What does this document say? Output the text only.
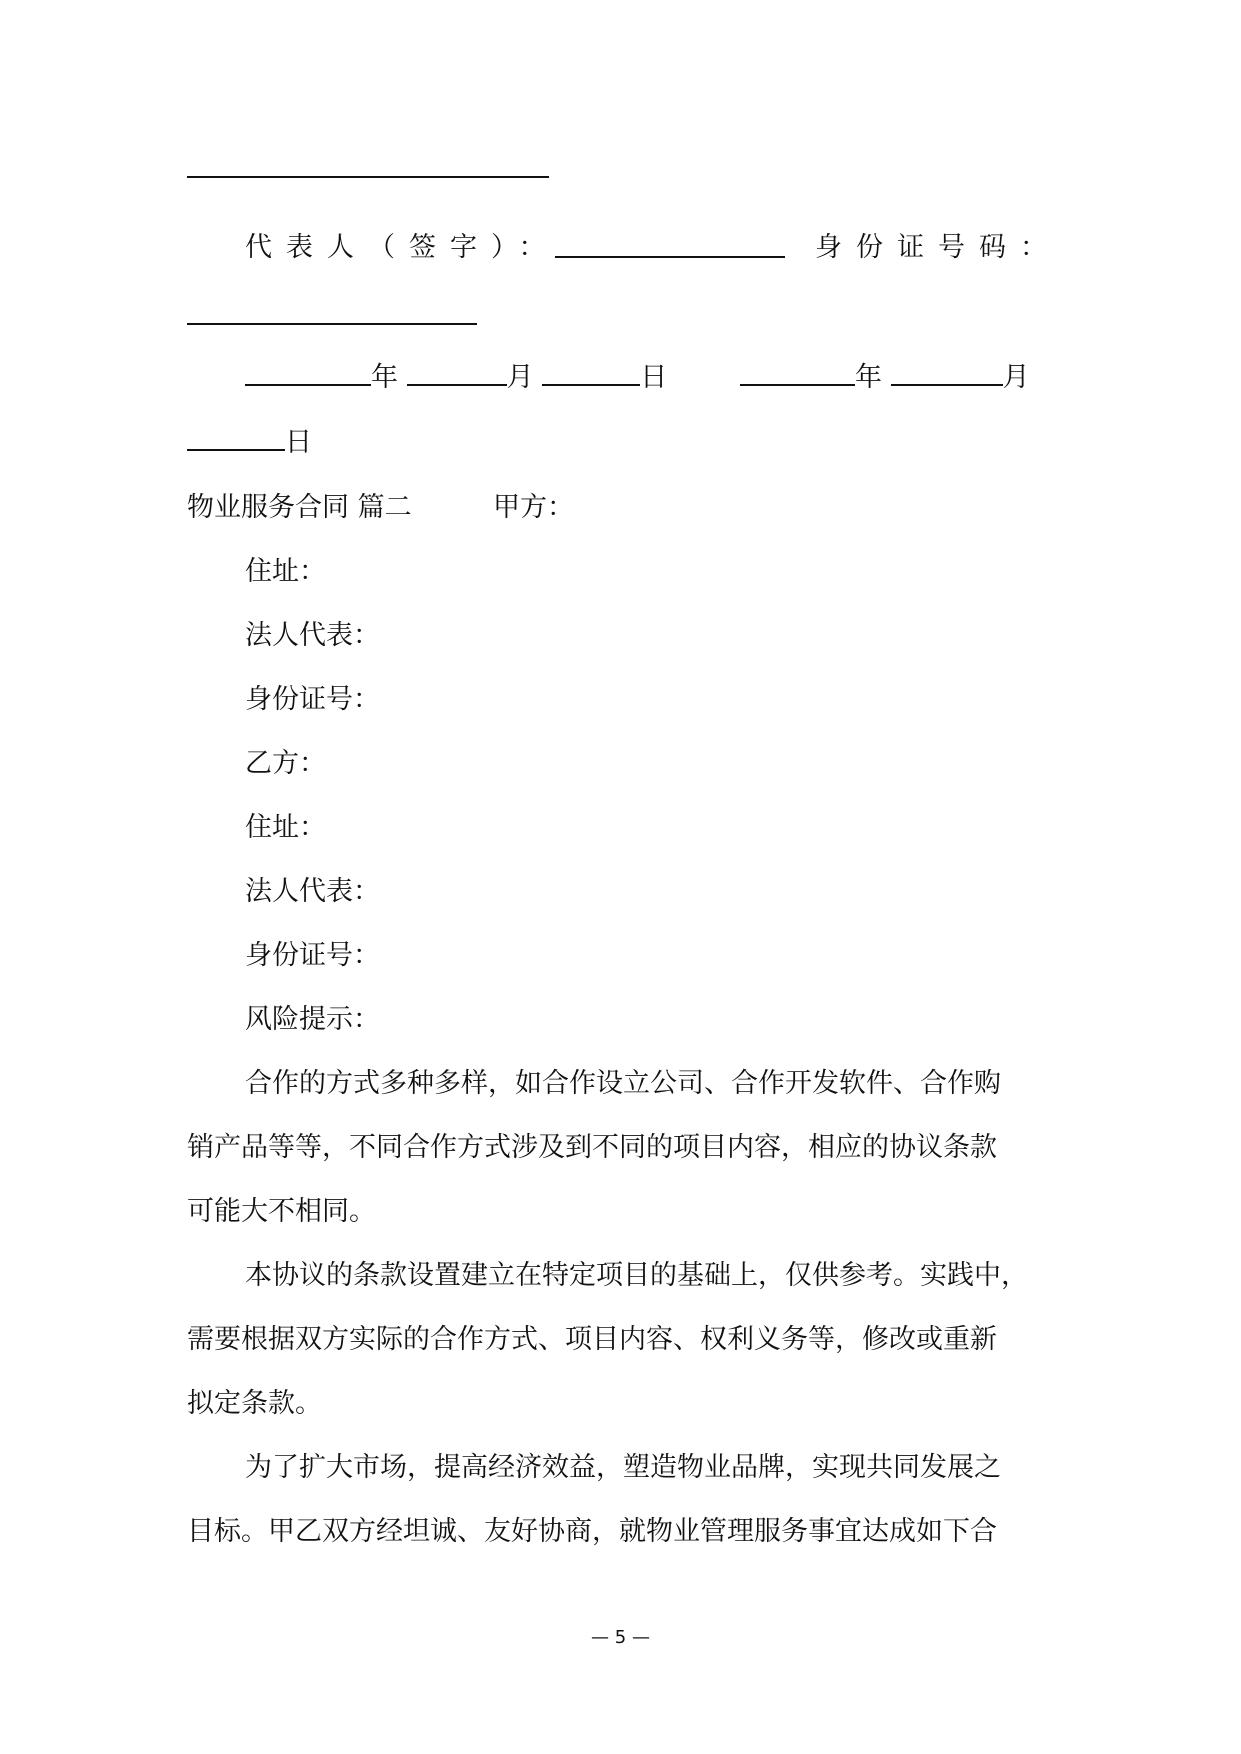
代表人（签字）：	身份证号码：
年	月	日	年	月
日
物业服务合同 篇二	甲方：
住址：
法人代表：
身份证号：
乙方：
住址：
法人代表：
身份证号：
风险提示：
合作的方式多种多样，如合作设立公司、合作开发软件、合作购
销产品等等，不同合作方式涉及到不同的项目内容，相应的协议条款
可能大不相同。
本协议的条款设置建立在特定项目的基础上，仅供参考。实践中，
需要根据双方实际的合作方式、项目内容、权利义务等，修改或重新
拟定条款。
为了扩大市场，提高经济效益，塑造物业品牌，实现共同发展之
目标。甲乙双方经坦诚、友好协商，就物业管理服务事宜达成如下合
— 5 —
